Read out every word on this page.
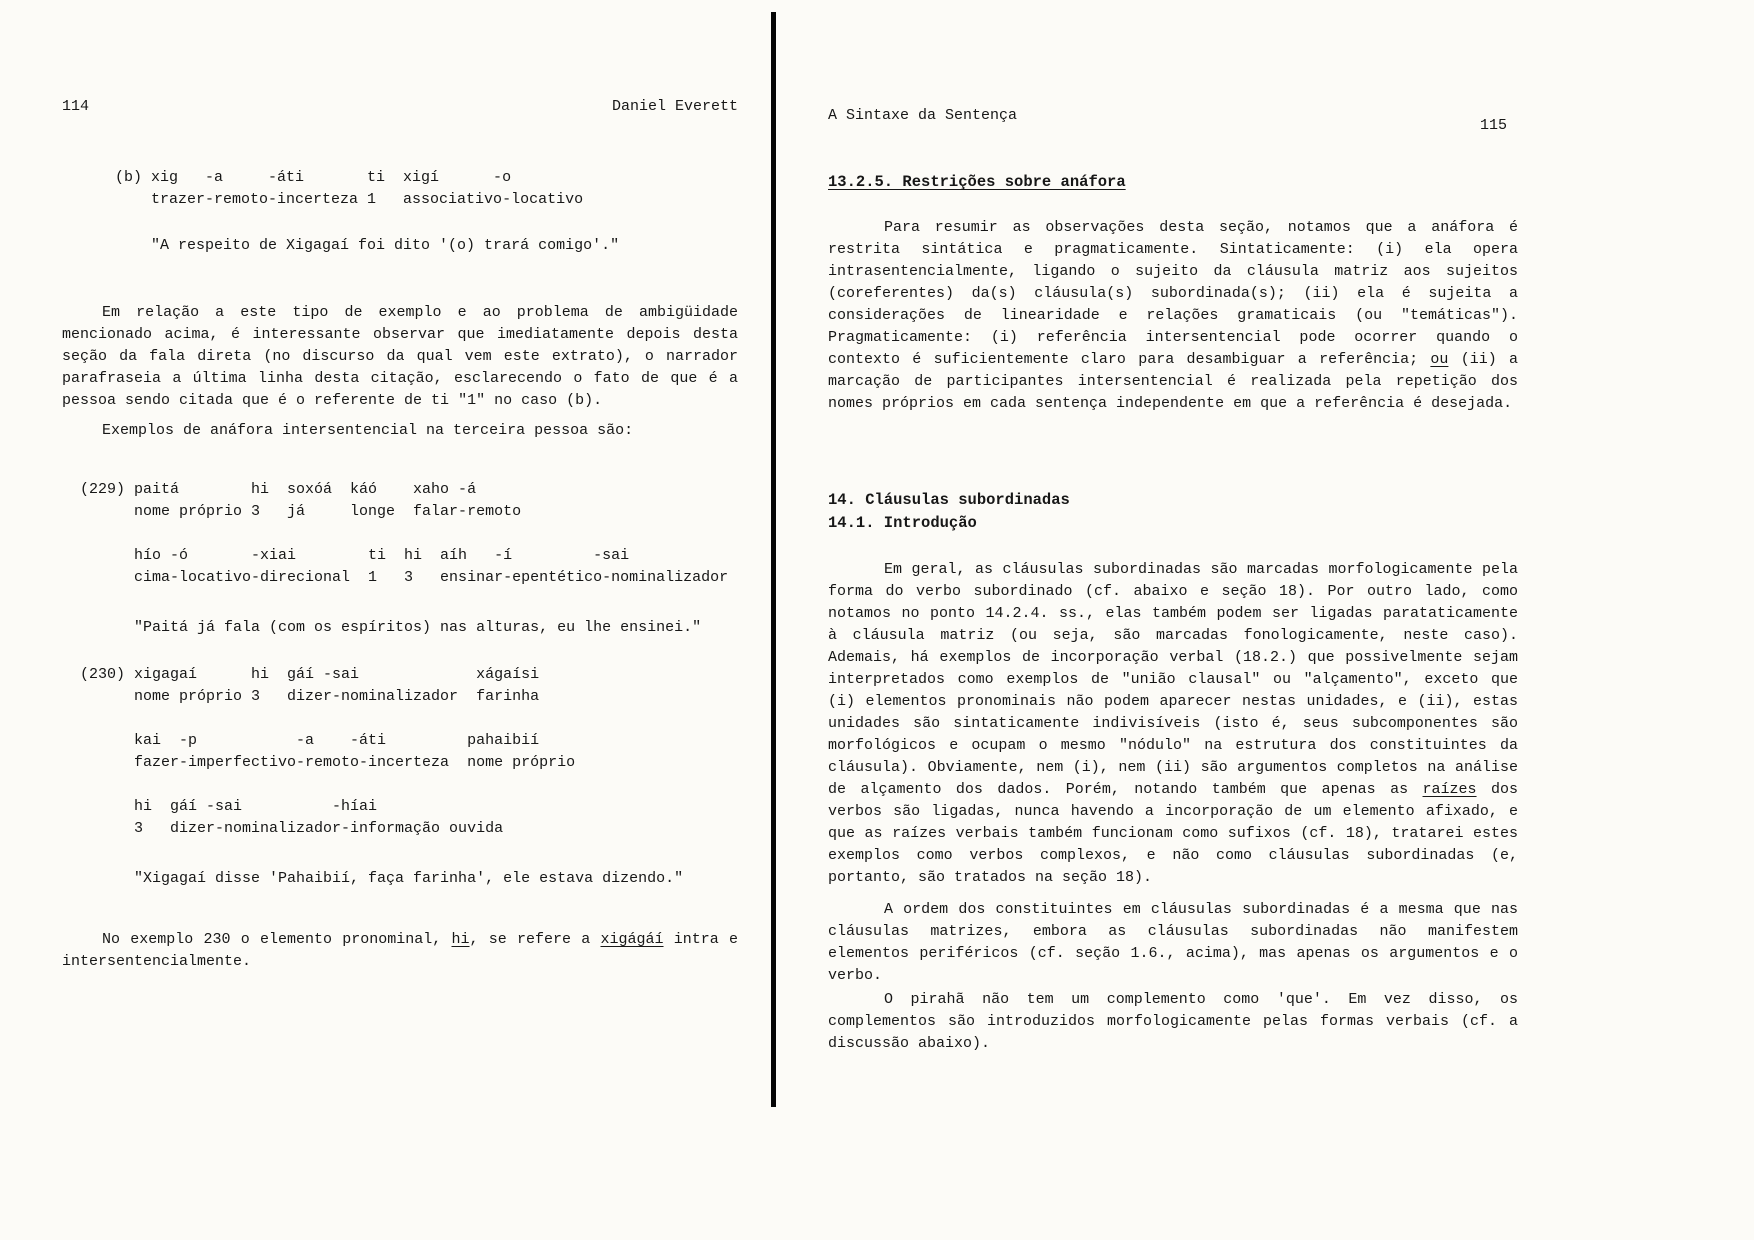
114	Daniel Everett
(b) xig   -a     -áti       ti  xigí      -o
trazer-remoto-incerteza 1   associativo-locativo
"A respeito de Xigagaí foi dito '(o) trará comigo'."
Em relação a este tipo de exemplo e ao problema de ambigüidade mencionado acima, é interessante observar que imediatamente depois desta seção da fala direta (no discurso da qual vem este extrato), o narrador parafraseia a última linha desta citação, esclarecendo o fato de que é a pessoa sendo citada que é o referente de ti "1" no caso (b).
Exemplos de anáfora intersentencial na terceira pessoa são:
(229) paitá        hi  soxóá  káó    xaho -á
nome próprio 3   já     longe  falar-remoto
hío -ó       -xiai        ti  hi  aíh   -í         -sai
cima-locativo-direcional  1   3   ensinar-epentético-nominalizador
"Paitá já fala (com os espíritos) nas alturas, eu lhe ensinei."
(230) xigagaí      hi  gáí -sai             xágaísi
nome próprio 3   dizer-nominalizador  farinha
kai  -p           -a    -áti         pahaibií
fazer-imperfectivo-remoto-incerteza  nome próprio
hi  gáí -sai          -híai
3   dizer-nominalizador-informação ouvida
"Xigagaí disse 'Pahaibií, faça farinha', ele estava dizendo."
No exemplo 230 o elemento pronominal, hi, se refere a xigágáí intra e intersentencialmente.
A Sintaxe da Sentença
115
13.2.5. Restrições sobre anáfora
Para resumir as observações desta seção, notamos que a anáfora é restrita sintática e pragmaticamente. Sintaticamente: (i) ela opera intrasentencialmente, ligando o sujeito da cláusula matriz aos sujeitos (coreferentes) da(s) cláusula(s) subordinada(s); (ii) ela é sujeita a considerações de linearidade e relações gramaticais (ou "temáticas"). Pragmaticamente: (i) referência intersentencial pode ocorrer quando o contexto é suficientemente claro para desambiguar a referência; ou (ii) a marcação de participantes intersentencial é realizada pela repetição dos nomes próprios em cada sentença independente em que a referência é desejada.
14. Cláusulas subordinadas
14.1. Introdução
Em geral, as cláusulas subordinadas são marcadas morfologicamente pela forma do verbo subordinado (cf. abaixo e seção 18). Por outro lado, como notamos no ponto 14.2.4. ss., elas também podem ser ligadas parataticamente à cláusula matriz (ou seja, são marcadas fonologicamente, neste caso). Ademais, há exemplos de incorporação verbal (18.2.) que possivelmente sejam interpretados como exemplos de "união clausal" ou "alçamento", exceto que (i) elementos pronominais não podem aparecer nestas unidades, e (ii), estas unidades são sintaticamente indivisíveis (isto é, seus subcomponentes são morfológicos e ocupam o mesmo "nódulo" na estrutura dos constituintes da cláusula). Obviamente, nem (i), nem (ii) são argumentos completos na análise de alçamento dos dados. Porém, notando também que apenas as raízes dos verbos são ligadas, nunca havendo a incorporação de um elemento afixado, e que as raízes verbais também funcionam como sufixos (cf. 18), tratarei estes exemplos como verbos complexos, e não como cláusulas subordinadas (e, portanto, são tratados na seção 18).
A ordem dos constituintes em cláusulas subordinadas é a mesma que nas cláusulas matrizes, embora as cláusulas subordinadas não manifestem elementos periféricos (cf. seção 1.6., acima), mas apenas os argumentos e o verbo.
O pirahã não tem um complemento como 'que'. Em vez disso, os complementos são introduzidos morfologicamente pelas formas verbais (cf. a discussão abaixo).
